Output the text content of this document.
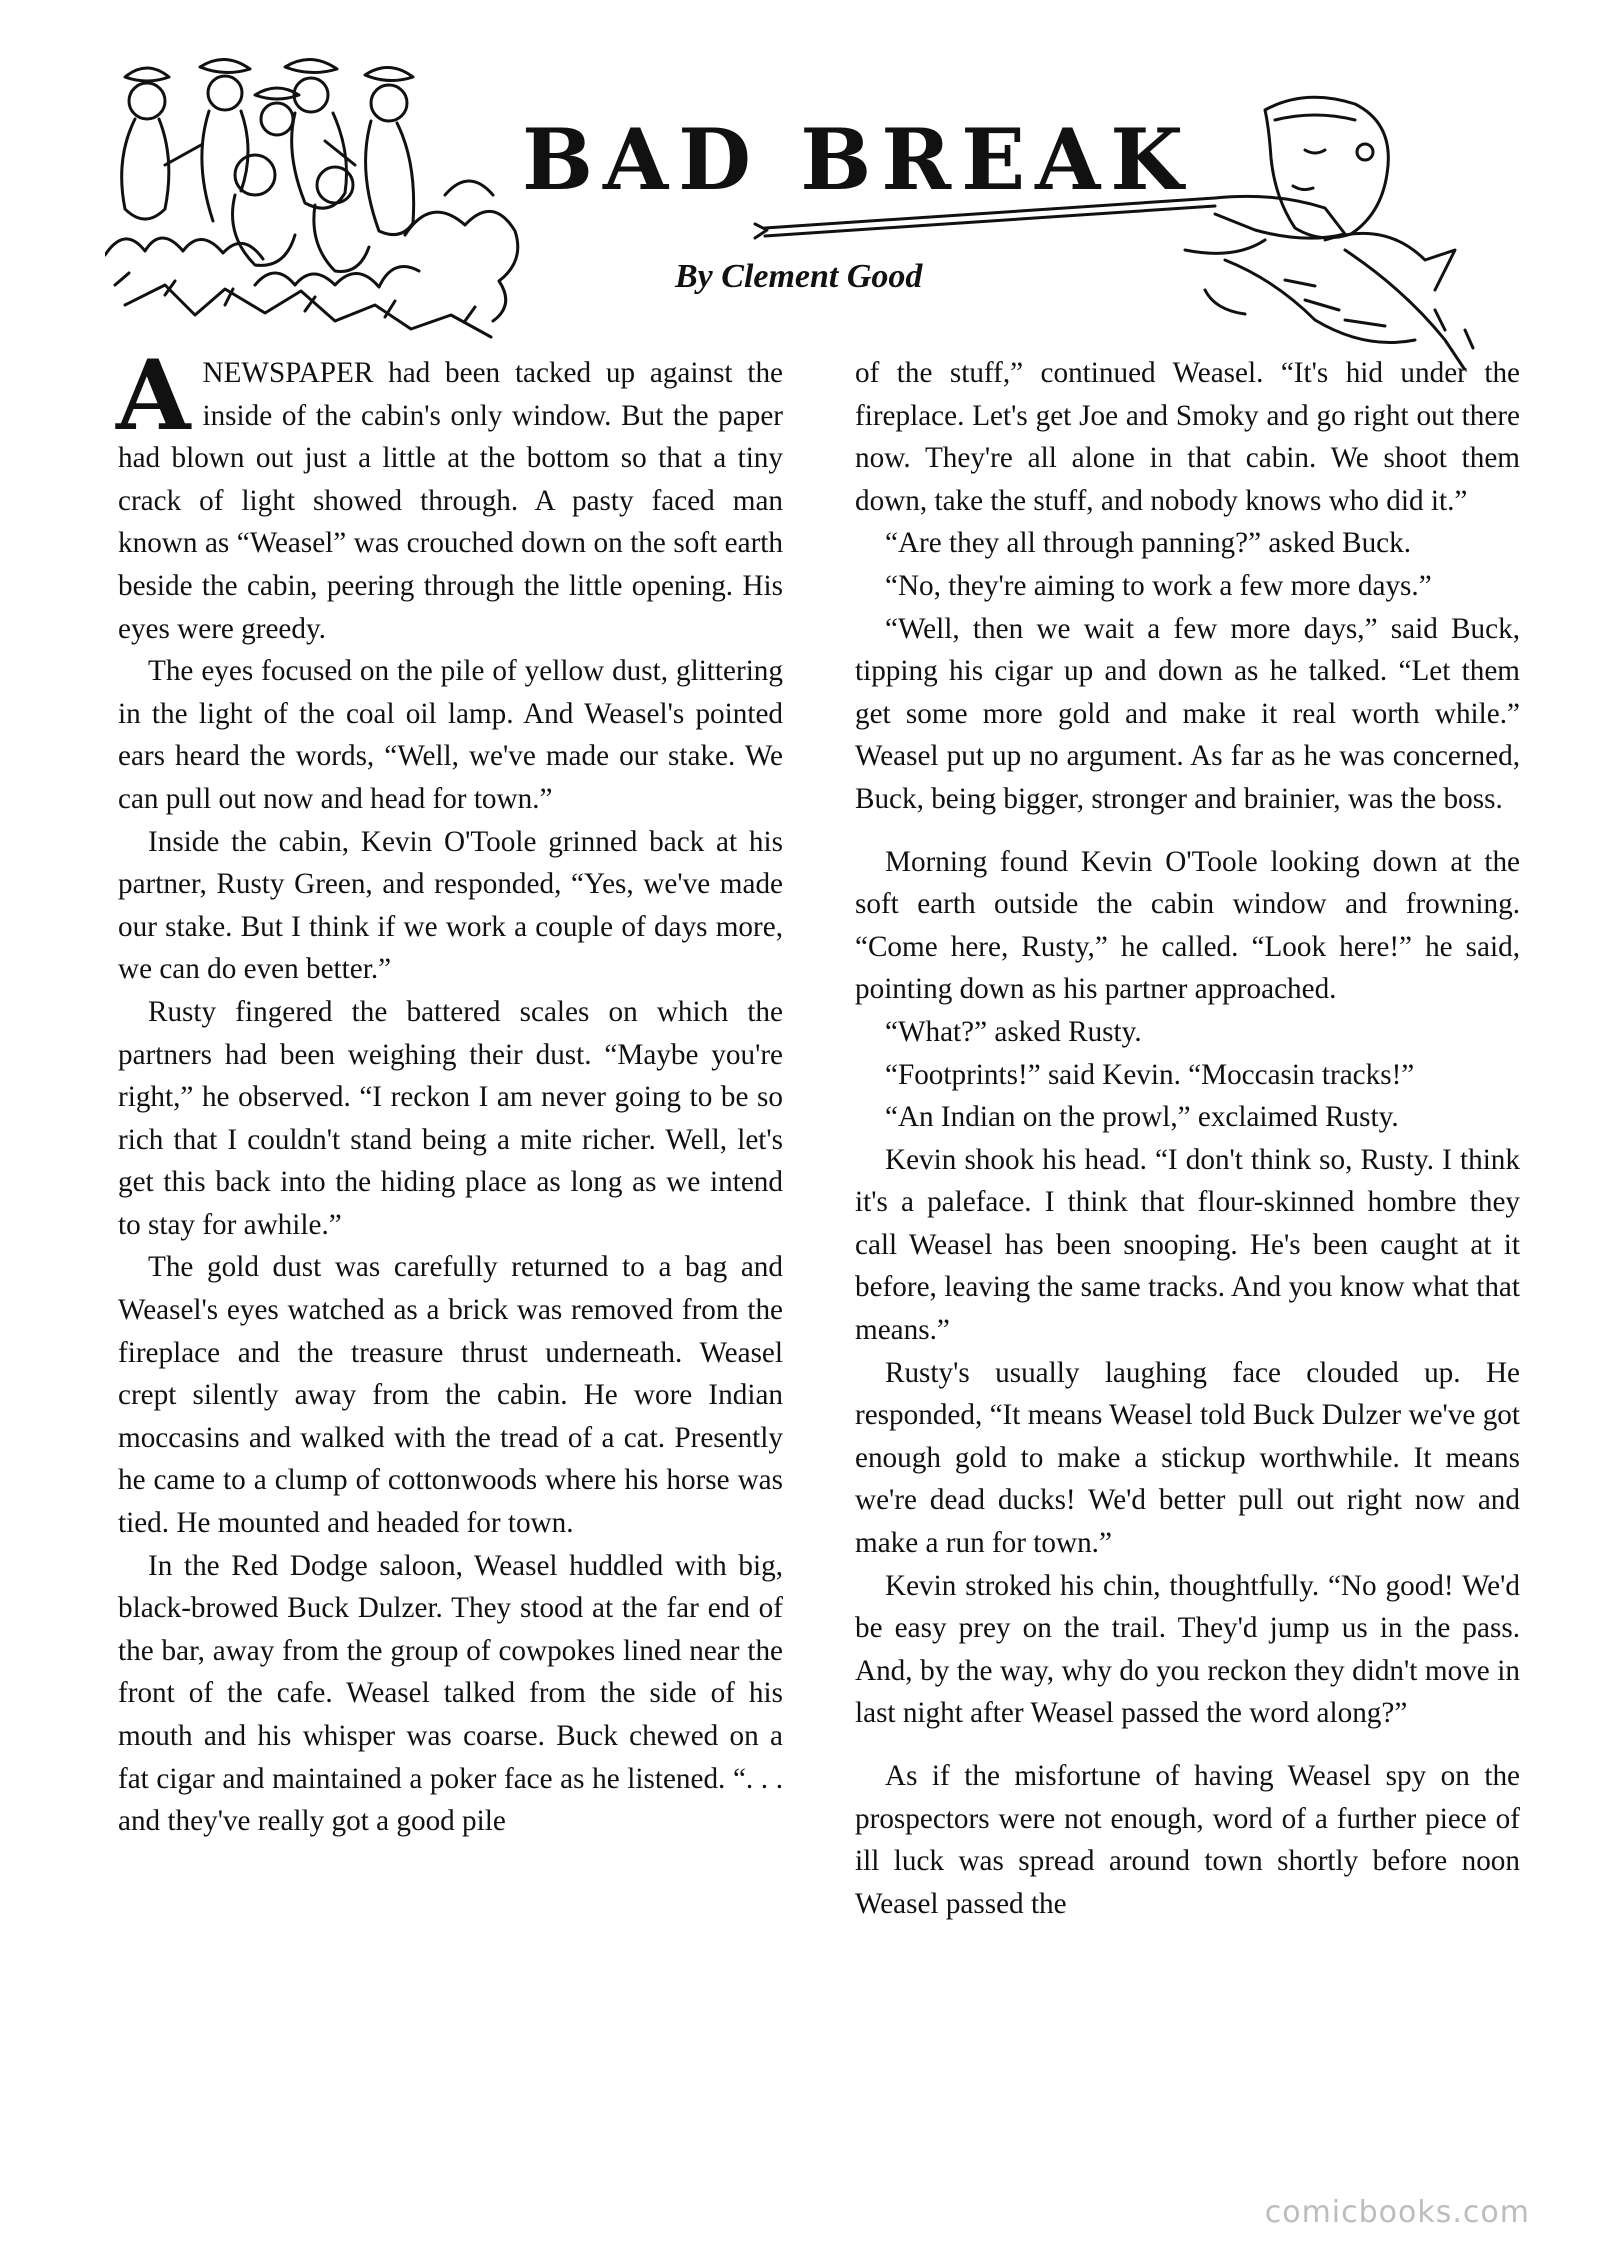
BAD BREAK
By Clement Good

ANEWSPAPER had been tacked up against the inside of the cabin's only window. But the paper had blown out just a little at the bottom so that a tiny crack of light showed through. A pasty faced man known as “Weasel” was crouched down on the soft earth beside the cabin, peering through the little opening. His eyes were greedy.

The eyes focused on the pile of yellow dust, glittering in the light of the coal oil lamp. And Weasel's pointed ears heard the words, “Well, we've made our stake. We can pull out now and head for town.”

Inside the cabin, Kevin O'Toole grinned back at his partner, Rusty Green, and responded, “Yes, we've made our stake. But I think if we work a couple of days more, we can do even better.”

Rusty fingered the battered scales on which the partners had been weighing their dust. “Maybe you're right,” he observed. “I reckon I am never going to be so rich that I couldn't stand being a mite richer. Well, let's get this back into the hiding place as long as we intend to stay for awhile.”

The gold dust was carefully returned to a bag and Weasel's eyes watched as a brick was removed from the fireplace and the treasure thrust underneath. Weasel crept silently away from the cabin. He wore Indian moccasins and walked with the tread of a cat. Presently he came to a clump of cottonwoods where his horse was tied. He mounted and headed for town.

In the Red Dodge saloon, Weasel huddled with big, black-browed Buck Dulzer. They stood at the far end of the bar, away from the group of cowpokes lined near the front of the cafe. Weasel talked from the side of his mouth and his whisper was coarse. Buck chewed on a fat cigar and maintained a poker face as he listened. “. . . and they've really got a good pile

of the stuff,” continued Weasel. “It's hid under the fireplace. Let's get Joe and Smoky and go right out there now. They're all alone in that cabin. We shoot them down, take the stuff, and nobody knows who did it.”

“Are they all through panning?” asked Buck.

“No, they're aiming to work a few more days.”

“Well, then we wait a few more days,” said Buck, tipping his cigar up and down as he talked. “Let them get some more gold and make it real worth while.” Weasel put up no argument. As far as he was concerned, Buck, being bigger, stronger and brainier, was the boss.

Morning found Kevin O'Toole looking down at the soft earth outside the cabin window and frowning. “Come here, Rusty,” he called. “Look here!” he said, pointing down as his partner approached.

“What?” asked Rusty.

“Footprints!” said Kevin. “Moccasin tracks!”

“An Indian on the prowl,” exclaimed Rusty.

Kevin shook his head. “I don't think so, Rusty. I think it's a paleface. I think that flour-skinned hombre they call Weasel has been snooping. He's been caught at it before, leaving the same tracks. And you know what that means.”

Rusty's usually laughing face clouded up. He responded, “It means Weasel told Buck Dulzer we've got enough gold to make a stickup worthwhile. It means we're dead ducks! We'd better pull out right now and make a run for town.”

Kevin stroked his chin, thoughtfully. “No good! We'd be easy prey on the trail. They'd jump us in the pass. And, by the way, why do you reckon they didn't move in last night after Weasel passed the word along?”

As if the misfortune of having Weasel spy on the prospectors were not enough, word of a further piece of ill luck was spread around town shortly before noon Weasel passed the

comicbooks.com
